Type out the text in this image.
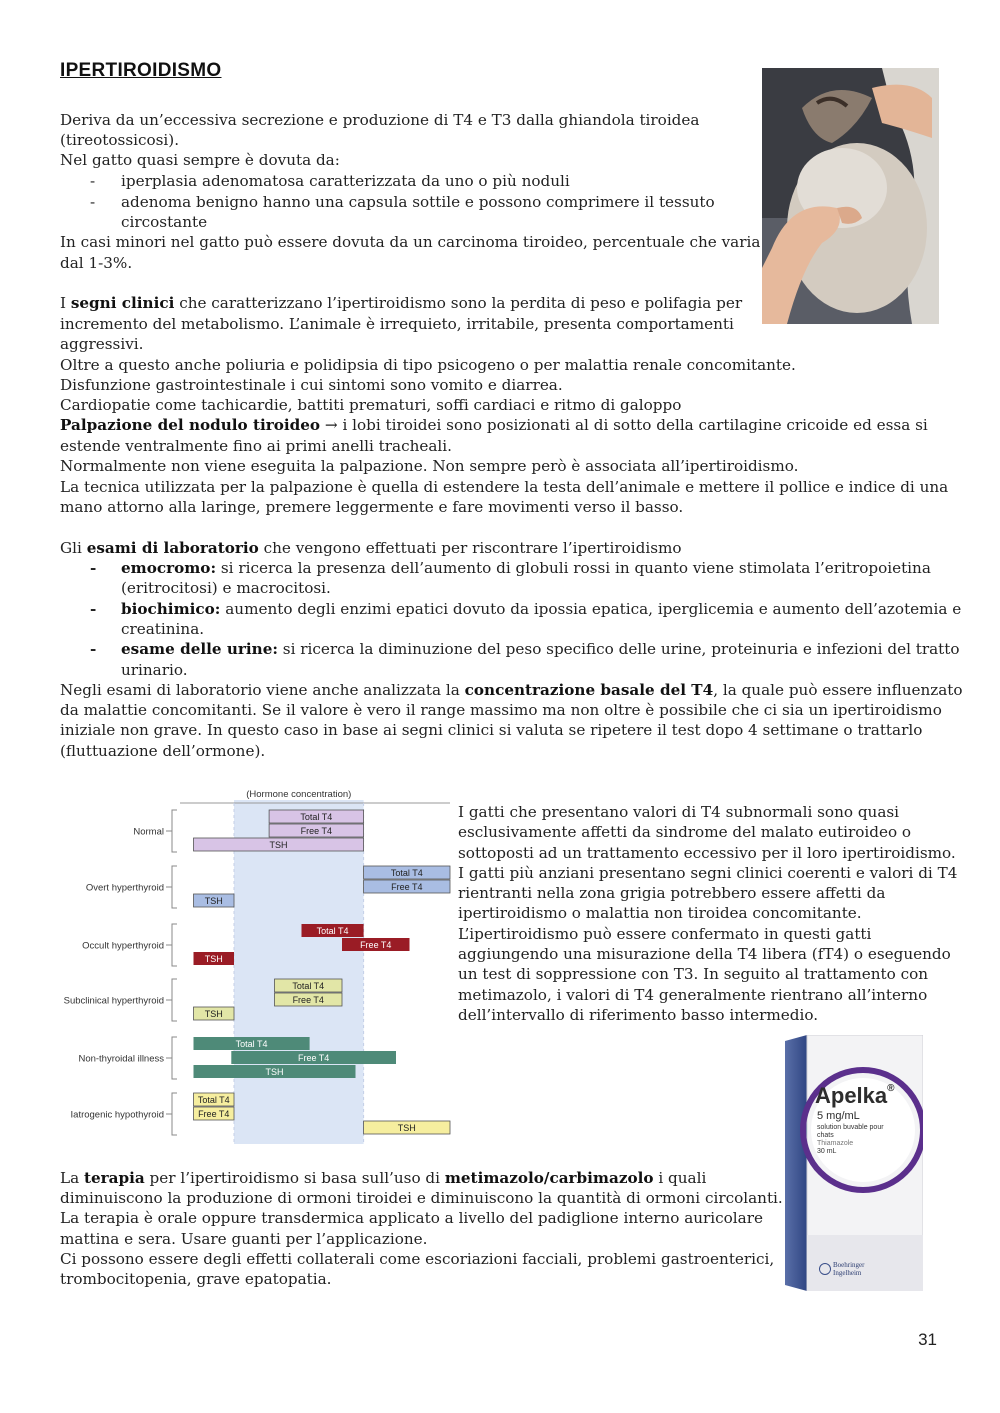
IPERTIROIDISMO
Deriva da un’eccessiva secrezione e produzione di T4 e T3 dalla ghiandola tiroidea
(tireotossicosi).
Nel gatto quasi sempre è dovuta da:
- iperplasia adenomatosa caratterizzata da uno o più noduli
- adenoma benigno hanno una capsula sottile e possono comprimere il tessuto
circostante
In casi minori nel gatto può essere dovuta da un carcinoma tiroideo, percentuale che varia
dal 1-3%.
I segni clinici che caratterizzano l’ipertiroidismo sono la perdita di peso e polifagia per
incremento del metabolismo. L’animale è irrequieto, irritabile, presenta comportamenti
aggressivi.
Oltre a questo anche poliuria e polidipsia di tipo psicogeno o per malattia renale concomitante.
Disfunzione gastrointestinale i cui sintomi sono vomito e diarrea.
Cardiopatie come tachicardie, battiti prematuri, soffi cardiaci e ritmo di galoppo
Palpazione del nodulo tiroideo → i lobi tiroidei sono posizionati al di sotto della cartilagine cricoide ed essa si
estende ventralmente fino ai primi anelli tracheali.
Normalmente non viene eseguita la palpazione. Non sempre però è associata all’ipertiroidismo.
La tecnica utilizzata per la palpazione è quella di estendere la testa dell’animale e mettere il pollice e indice di una
mano attorno alla laringe, premere leggermente e fare movimenti verso il basso.
Gli esami di laboratorio che vengono effettuati per riscontrare l’ipertiroidismo
- emocromo: si ricerca la presenza dell’aumento di globuli rossi in quanto viene stimolata l’eritropoietina
(eritrocitosi) e macrocitosi.
- biochimico: aumento degli enzimi epatici dovuto da ipossia epatica, iperglicemia e aumento dell’azotemia e
creatinina.
- esame delle urine: si ricerca la diminuzione del peso specifico delle urine, proteinuria e infezioni del tratto
urinario.
Negli esami di laboratorio viene anche analizzata la concentrazione basale del T4, la quale può essere influenzato
da malattie concomitanti. Se il valore è vero il range massimo ma non oltre è possibile che ci sia un ipertiroidismo
iniziale non grave. In questo caso in base ai segni clinici si valuta se ripetere il test dopo 4 settimane o trattarlo
(fluttuazione dell’ormone).
(Hormone concentration)
Normal
Total T4
Free T4
TSH
Overt hyperthyroid
Total T4
Free T4
TSH
Occult hyperthyroid
Total T4
Free T4
TSH
Subclinical hyperthyroid
Total T4
Free T4
TSH
Non-thyroidal illness
Total T4
Free T4
TSH
Iatrogenic hypothyroid
Total T4
Free T4
TSH
I gatti che presentano valori di T4 subnormali sono quasi
esclusivamente affetti da sindrome del malato eutiroideo o
sottoposti ad un trattamento eccessivo per il loro ipertiroidismo.
I gatti più anziani presentano segni clinici coerenti e valori di T4
rientranti nella zona grigia potrebbero essere affetti da
ipertiroidismo o malattia non tiroidea concomitante.
L’ipertiroidismo può essere confermato in questi gatti
aggiungendo una misurazione della T4 libera (fT4) o eseguendo
un test di soppressione con T3. In seguito al trattamento con
metimazolo, i valori di T4 generalmente rientrano all’interno
dell’intervallo di riferimento basso intermedio.
Apelka®
5 mg/mL
solution buvable pour
chats
Thiamazole
30 mL
Boehringer
Ingelheim
La terapia per l’ipertiroidismo si basa sull’uso di metimazolo/carbimazolo i quali
diminuiscono la produzione di ormoni tiroidei e diminuiscono la quantità di ormoni circolanti.
La terapia è orale oppure transdermica applicato a livello del padiglione interno auricolare
mattina e sera. Usare guanti per l’applicazione.
Ci possono essere degli effetti collaterali come escoriazioni facciali, problemi gastroenterici,
trombocitopenia, grave epatopatia.
31
